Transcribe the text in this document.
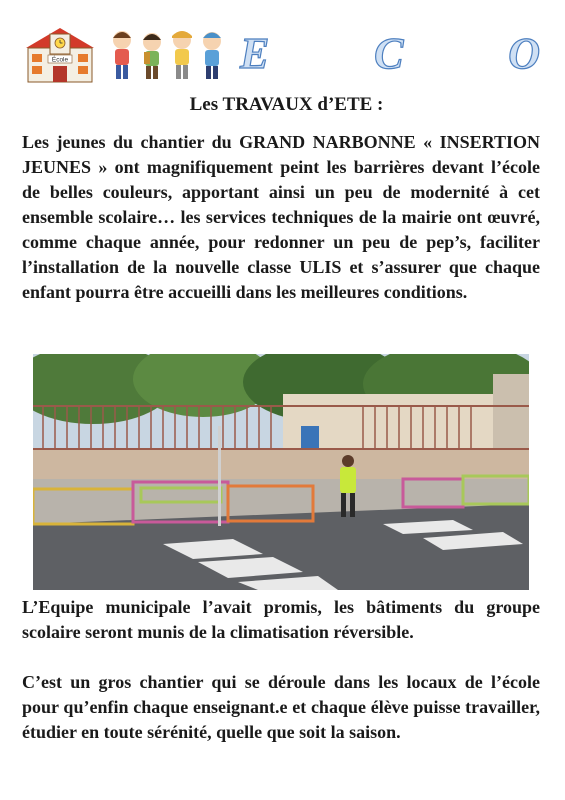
École	E C O
Les TRAVAUX d’ETE :

Les jeunes du chantier du GRAND NARBONNE « INSERTION JEUNES » ont magnifiquement peint les barrières devant l’école de belles couleurs, apportant ainsi un peu de modernité à cet ensemble scolaire… les services techniques de la mairie ont œuvré, comme chaque année, pour redonner un peu de pep’s, faciliter l’installation de la nouvelle classe ULIS et s’assurer que chaque enfant pourra être accueilli dans les meilleures conditions.

L’Equipe municipale l’avait promis, les bâtiments du groupe scolaire seront munis de la climatisation réversible.

C’est un gros chantier qui se déroule dans les locaux de l’école pour qu’enfin chaque enseignant.e et chaque élève puisse travailler, étudier en toute sérénité, quelle que soit la saison.
